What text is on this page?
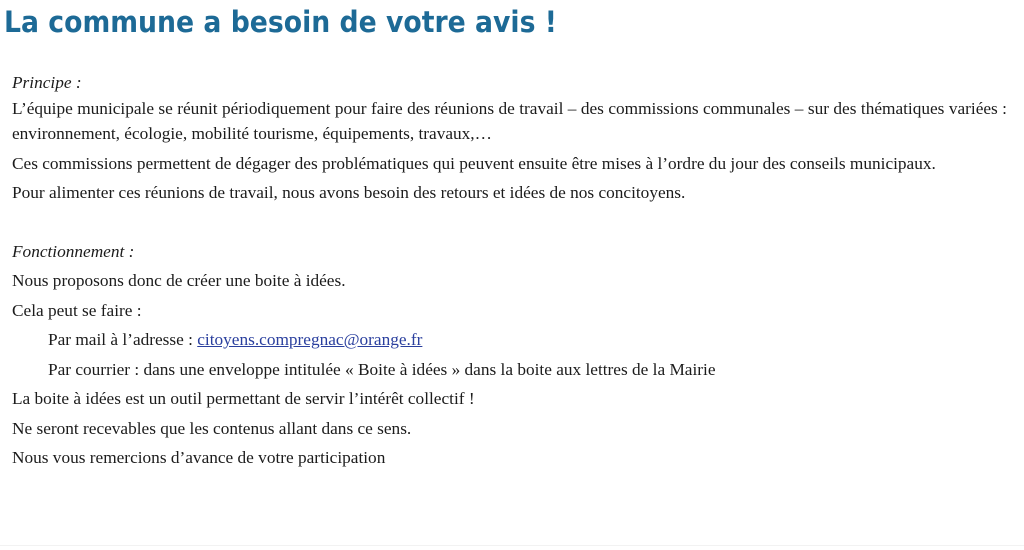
La commune a besoin de votre avis !

Principe :

L’équipe municipale se réunit périodiquement pour faire des réunions de travail – des commissions communales – sur des thématiques variées : environnement, écologie, mobilité tourisme, équipements, travaux,…

Ces commissions permettent de dégager des problématiques qui peuvent ensuite être mises à l’ordre du jour des conseils municipaux.

Pour alimenter ces réunions de travail, nous avons besoin des retours et idées de nos concitoyens.

Fonctionnement :

Nous proposons donc de créer une boite à idées.

Cela peut se faire :

Par mail à l’adresse : citoyens.compregnac@orange.fr

Par courrier : dans une enveloppe intitulée « Boite à idées » dans la boite aux lettres de la Mairie

La boite à idées est un outil permettant de servir l’intérêt collectif !

Ne seront recevables que les contenus allant dans ce sens.

Nous vous remercions d’avance de votre participation
